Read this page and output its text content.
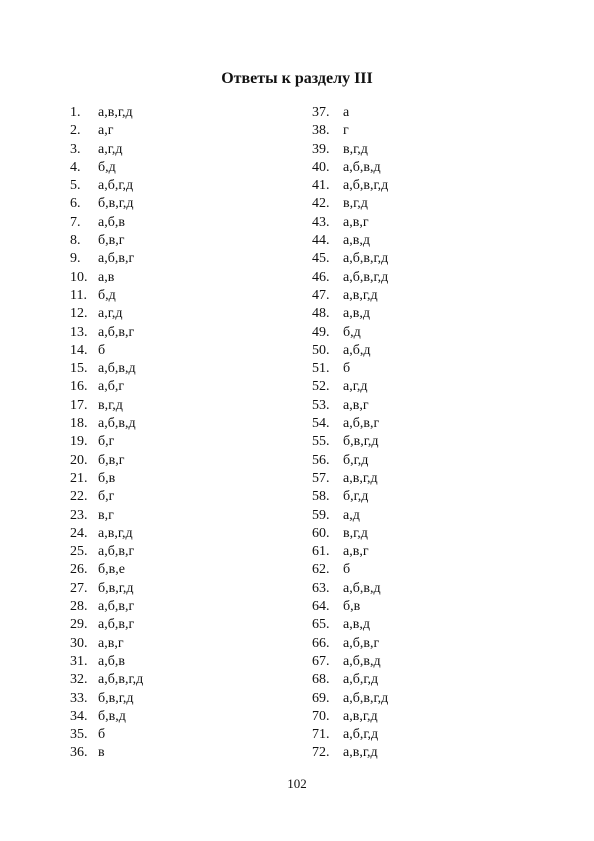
Ответы к разделу III
1. а,в,г,д
2. а,г
3. а,г,д
4. б,д
5. а,б,г,д
6. б,в,г,д
7. а,б,в
8. б,в,г
9. а,б,в,г
10. а,в
11. б,д
12. а,г,д
13. а,б,в,г
14. б
15. а,б,в,д
16. а,б,г
17. в,г,д
18. а,б,в,д
19. б,г
20. б,в,г
21. б,в
22. б,г
23. в,г
24. а,в,г,д
25. а,б,в,г
26. б,в,е
27. б,в,г,д
28. а,б,в,г
29. а,б,в,г
30. а,в,г
31. а,б,в
32. а,б,в,г,д
33. б,в,г,д
34. б,в,д
35. б
36. в
37. а
38. г
39. в,г,д
40. а,б,в,д
41. а,б,в,г,д
42. в,г,д
43. а,в,г
44. а,в,д
45. а,б,в,г,д
46. а,б,в,г,д
47. а,в,г,д
48. а,в,д
49. б,д
50. а,б,д
51. б
52. а,г,д
53. а,в,г
54. а,б,в,г
55. б,в,г,д
56. б,г,д
57. а,в,г,д
58. б,г,д
59. а,д
60. в,г,д
61. а,в,г
62. б
63. а,б,в,д
64. б,в
65. а,в,д
66. а,б,в,г
67. а,б,в,д
68. а,б,г,д
69. а,б,в,г,д
70. а,в,г,д
71. а,б,г,д
72. а,в,г,д
102
